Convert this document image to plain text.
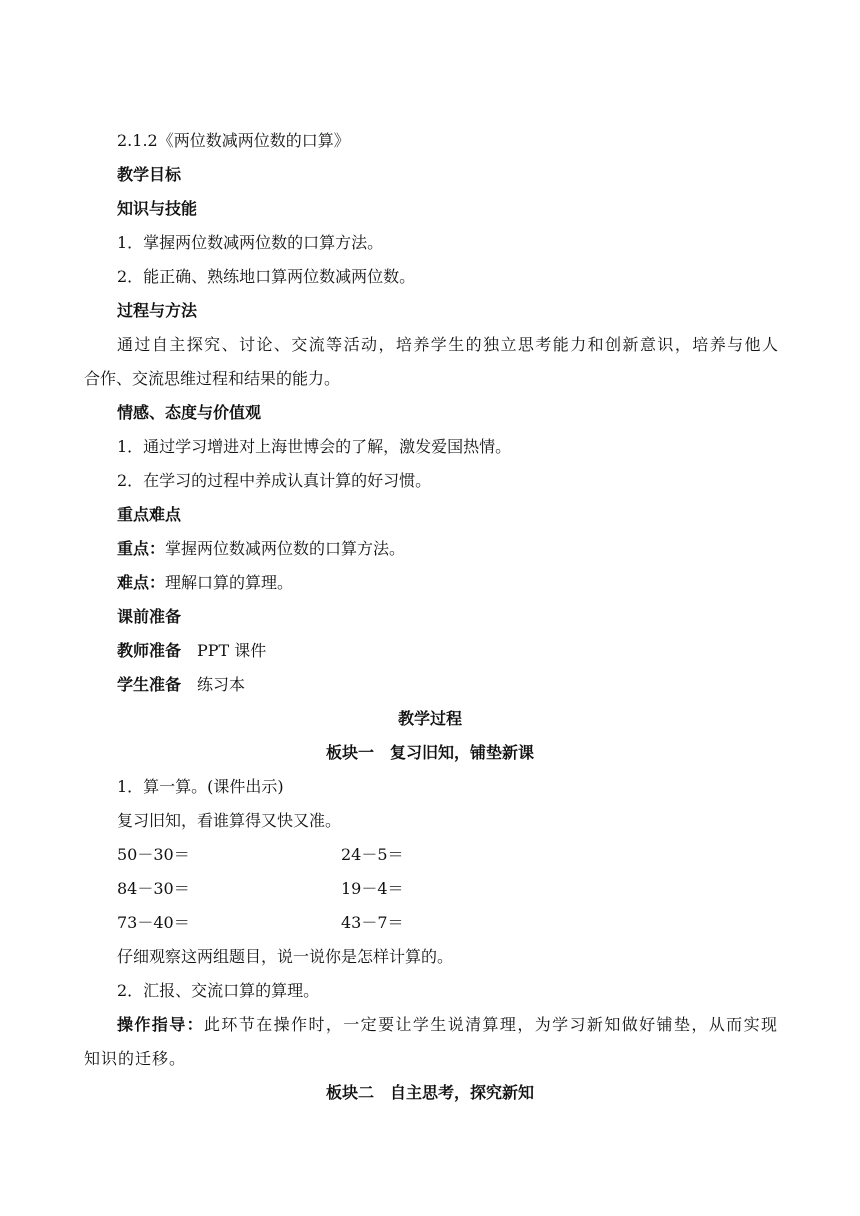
2.1.2《两位数减两位数的口算》
教学目标
知识与技能
1．掌握两位数减两位数的口算方法。
2．能正确、熟练地口算两位数减两位数。
过程与方法
通过自主探究、讨论、交流等活动，培养学生的独立思考能力和创新意识，培养与他人
合作、交流思维过程和结果的能力。
情感、态度与价值观
1．通过学习增进对上海世博会的了解，激发爱国热情。
2．在学习的过程中养成认真计算的好习惯。
重点难点
重点：掌握两位数减两位数的口算方法。
难点：理解口算的算理。
课前准备
教师准备 PPT 课件
学生准备 练习本
教学过程
板块一　复习旧知，铺垫新课
1．算一算。(课件出示)
复习旧知，看谁算得又快又准。
50－30＝	24－5＝
84－30＝	19－4＝
73－40＝	43－7＝
仔细观察这两组题目，说一说你是怎样计算的。
2．汇报、交流口算的算理。
操作指导：此环节在操作时，一定要让学生说清算理，为学习新知做好铺垫，从而实现
知识的迁移。
板块二　自主思考，探究新知
